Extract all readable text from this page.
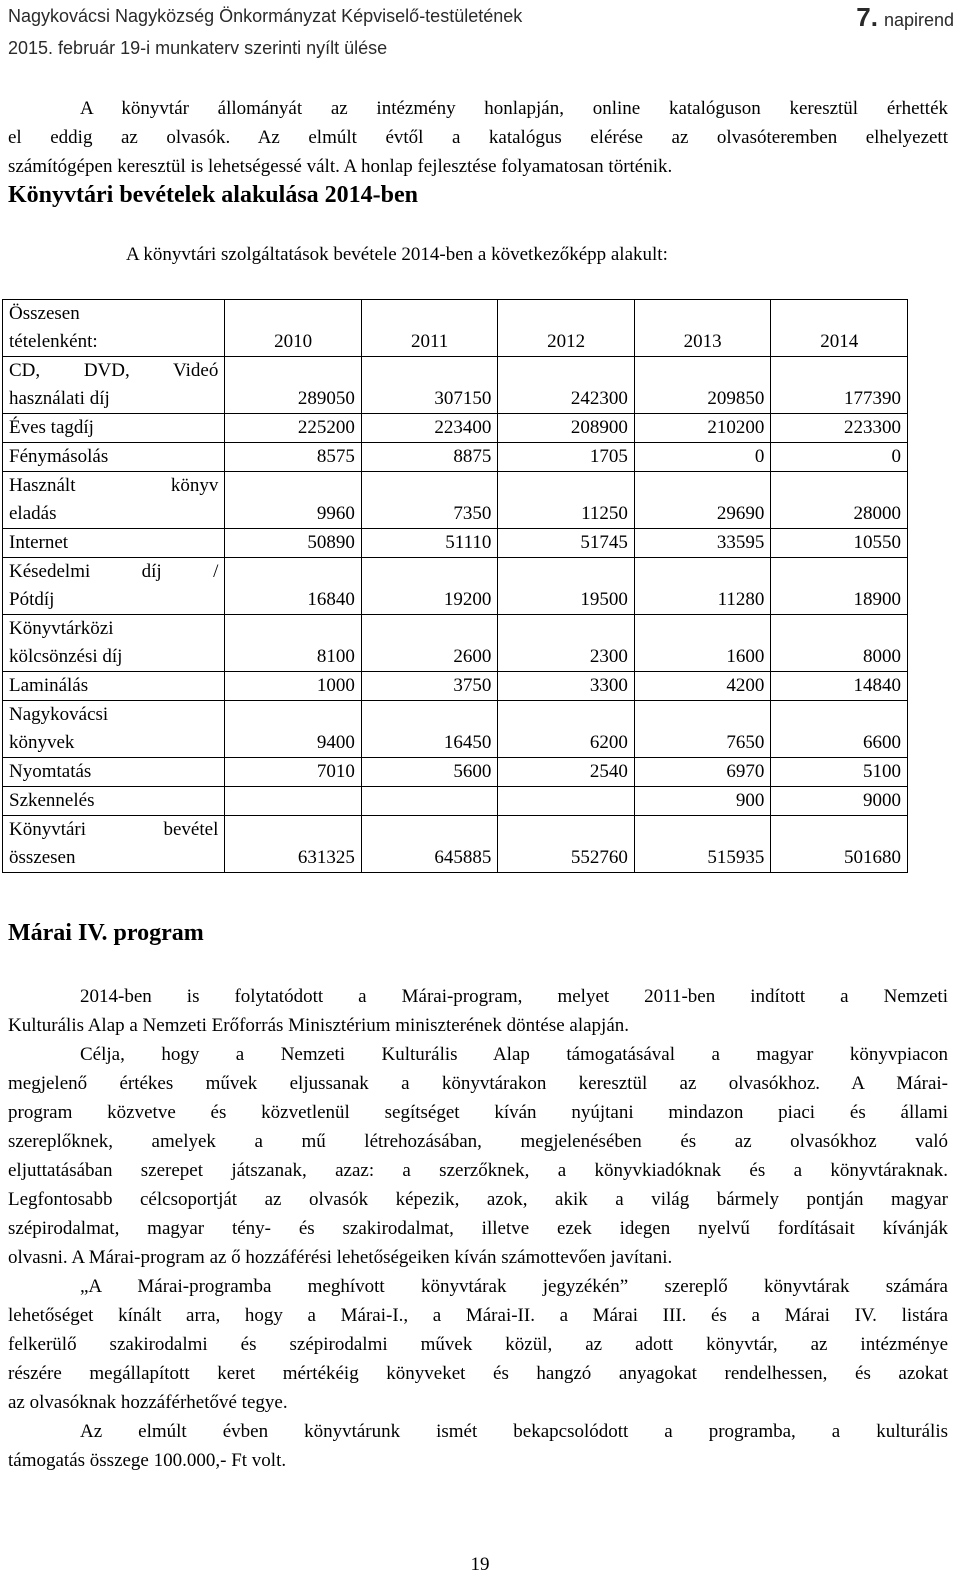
Nagykovácsi Nagyközség Önkormányzat Képviselő-testületének	7. napirend
2015. február 19-i munkaterv szerinti nyílt ülése
A könyvtár állományát az intézmény honlapján, online katalóguson keresztül érhették
el eddig az olvasók. Az elmúlt évtől a katalógus elérése az olvasóteremben elhelyezett
számítógépen keresztül is lehetségessé vált. A honlap fejlesztése folyamatosan történik.
Könyvtári bevételek alakulása 2014-ben
A könyvtári szolgáltatások bevétele 2014-ben a következőképp alakult:
Összesen
tételenként:	2010	2011	2012	2013	2014

CD, DVD, Videó
használati díj	289050	307150	242300	209850	177390

Éves tagdíj	225200	223400	208900	210200	223300

Fénymásolás	8575	8875	1705	0	0

Használt könyv
eladás	9960	7350	11250	29690	28000

Internet	50890	51110	51745	33595	10550

Késedelmi díj /
Pótdíj	16840	19200	19500	11280	18900

Könyvtárközi
kölcsönzési díj	8100	2600	2300	1600	8000

Laminálás	1000	3750	3300	4200	14840

Nagykovácsi
könyvek	9400	16450	6200	7650	6600

Nyomtatás	7010	5600	2540	6970	5100

Szkennelés				900	9000

Könyvtári bevétel
összesen	631325	645885	552760	515935	501680
Márai IV. program
2014-ben is folytatódott a Márai-program, melyet 2011-ben indított a Nemzeti
Kulturális Alap a Nemzeti Erőforrás Minisztérium miniszterének döntése alapján.
Célja, hogy a Nemzeti Kulturális Alap támogatásával a magyar könyvpiacon
megjelenő értékes művek eljussanak a könyvtárakon keresztül az olvasókhoz. A Márai-
program közvetve és közvetlenül segítséget kíván nyújtani mindazon piaci és állami
szereplőknek, amelyek a mű létrehozásában, megjelenésében és az olvasókhoz való
eljuttatásában szerepet játszanak, azaz: a szerzőknek, a könyvkiadóknak és a könyvtáraknak.
Legfontosabb célcsoportját az olvasók képezik, azok, akik a világ bármely pontján magyar
szépirodalmat, magyar tény- és szakirodalmat, illetve ezek idegen nyelvű fordításait kívánják
olvasni. A Márai-program az ő hozzáférési lehetőségeiken kíván számottevően javítani.
„A Márai-programba meghívott könyvtárak jegyzékén” szereplő könyvtárak számára
lehetőséget kínált arra, hogy a Márai-I., a Márai-II. a Márai III. és a Márai IV. listára
felkerülő szakirodalmi és szépirodalmi művek közül, az adott könyvtár, az intézménye
részére megállapított keret mértékéig könyveket és hangzó anyagokat rendelhessen, és azokat
az olvasóknak hozzáférhetővé tegye.
Az elmúlt évben könyvtárunk ismét bekapcsolódott a programba, a kulturális
támogatás összege 100.000,- Ft volt.
19
